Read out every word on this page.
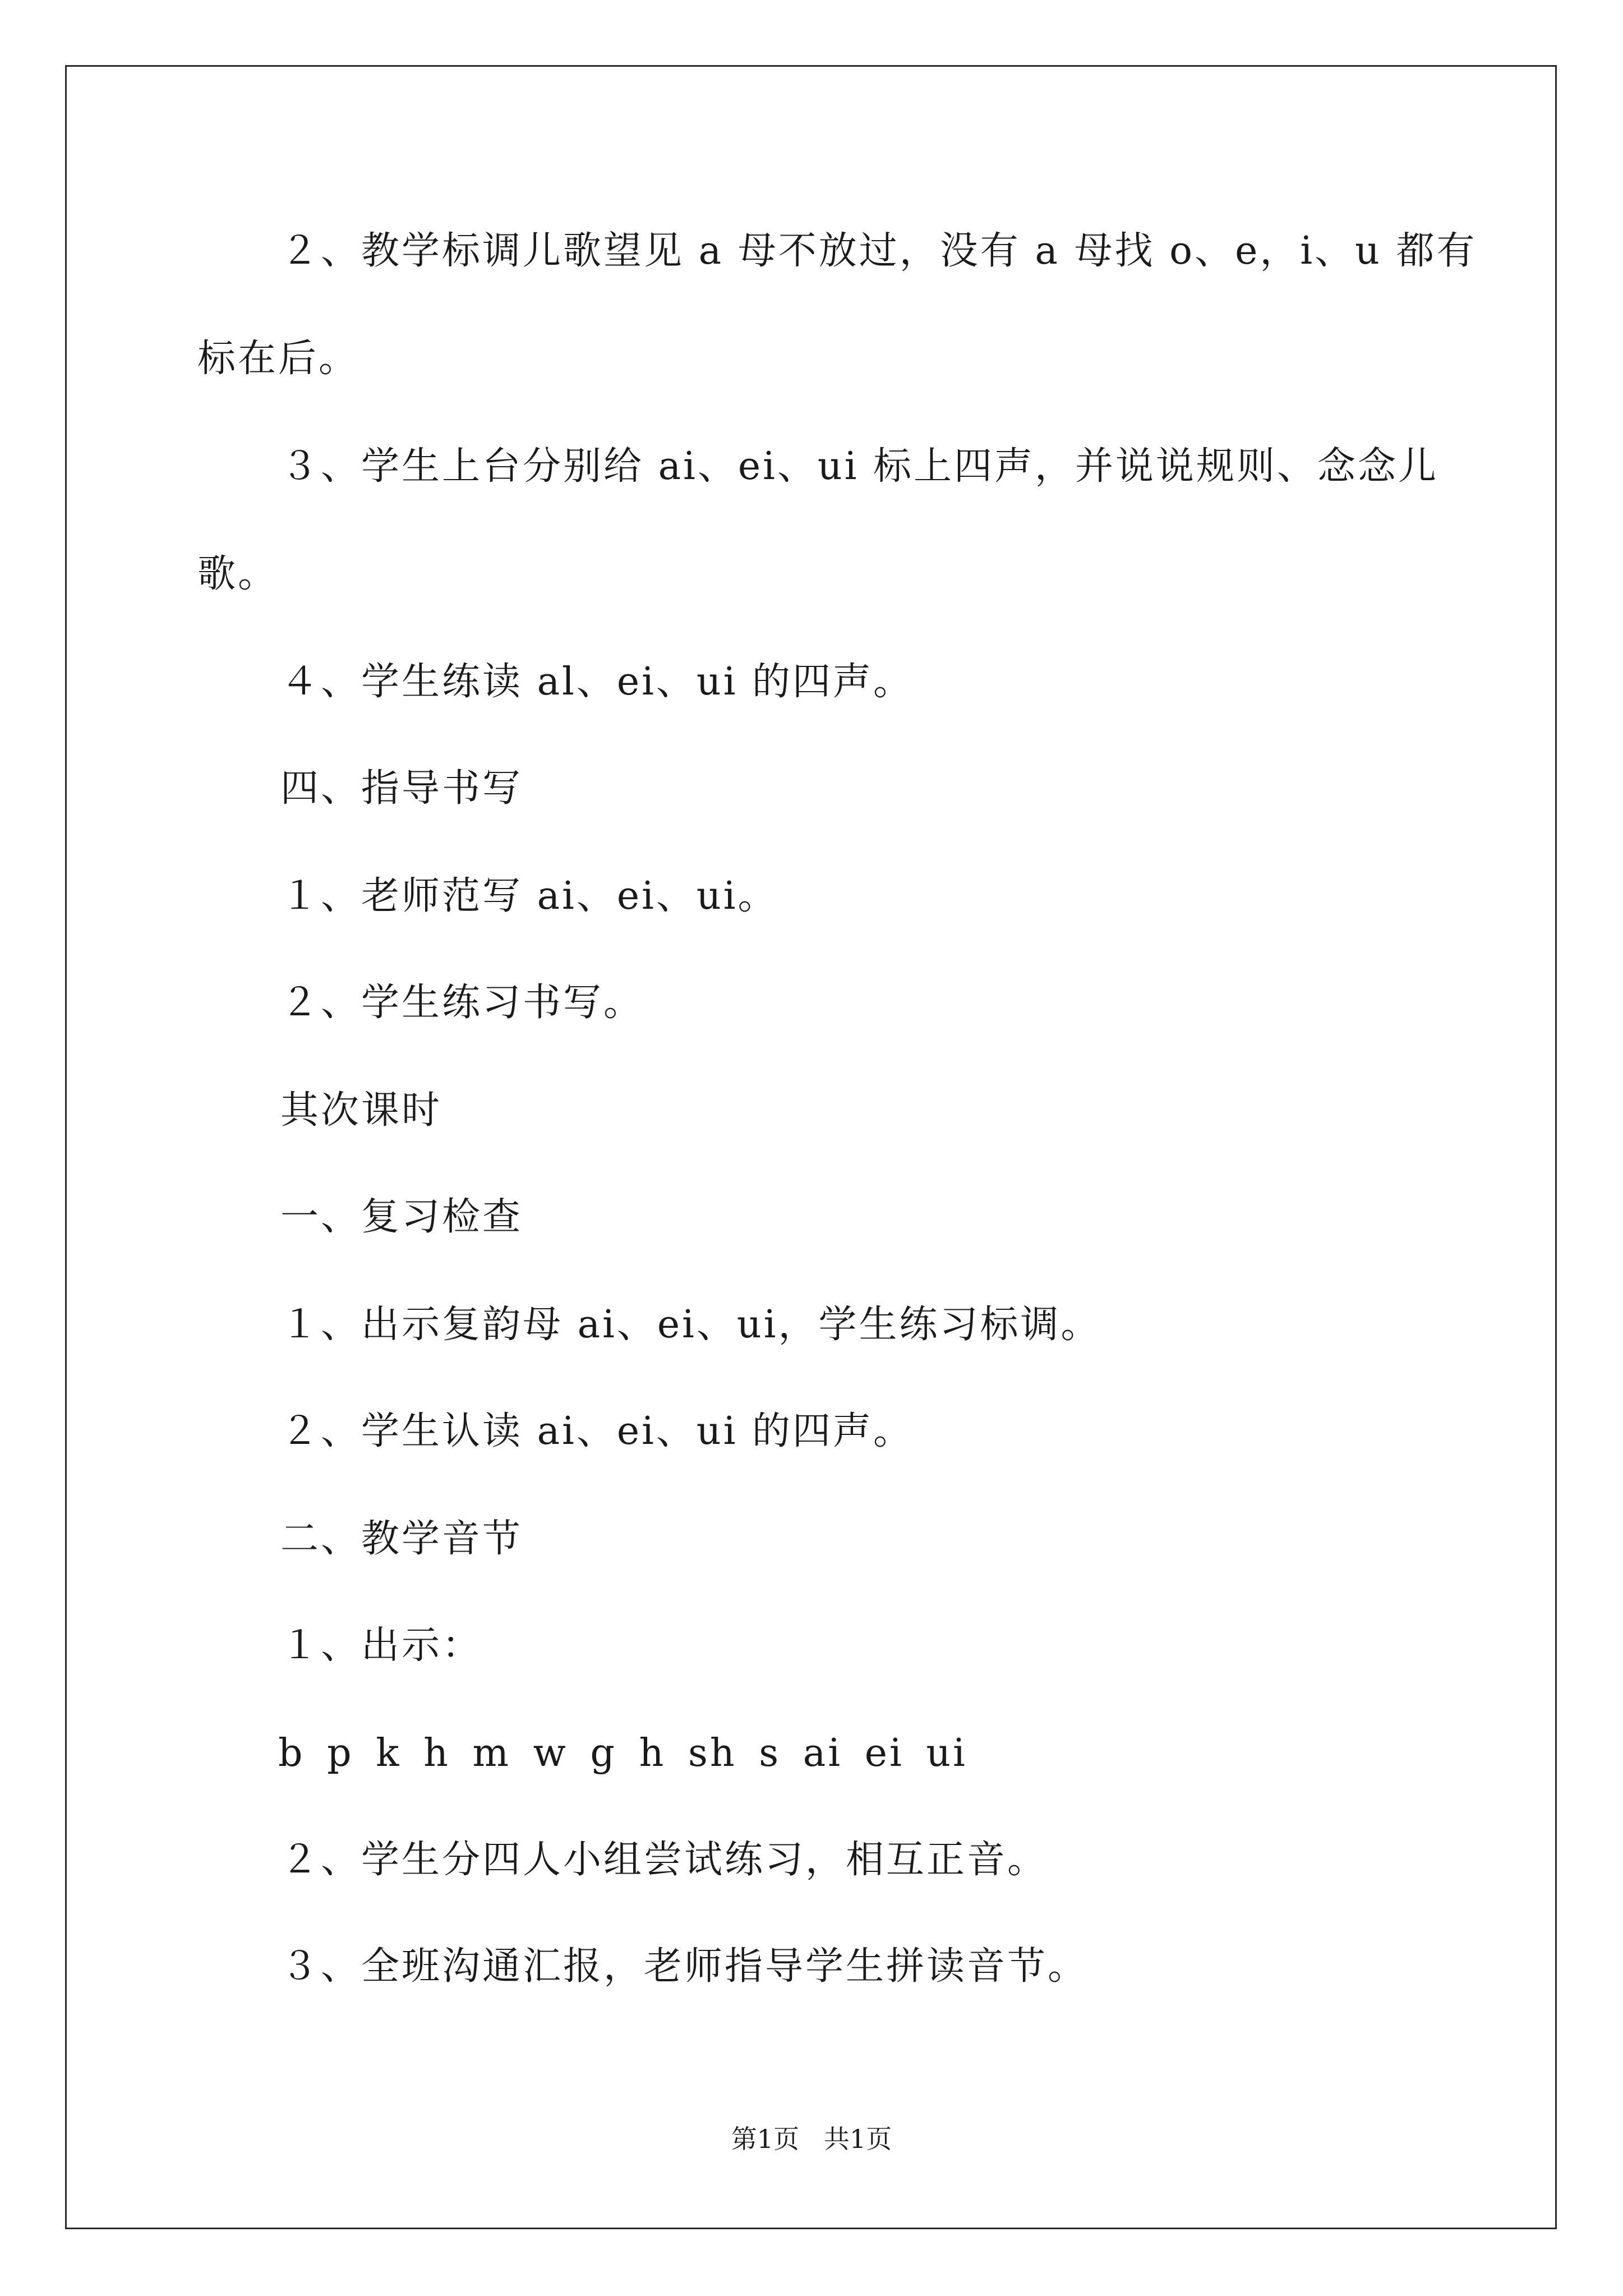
２、教学标调儿歌望见 a 母不放过，没有 a 母找 o、e，i、u 都有
标在后。
３、学生上台分别给 ai、ei、ui 标上四声，并说说规则、念念儿
歌。
４、学生练读 al、ei、ui 的四声。
四、指导书写
１、老师范写 ai、ei、ui。
２、学生练习书写。
其次课时
一、复习检查
１、出示复韵母 ai、ei、ui，学生练习标调。
２、学生认读 ai、ei、ui 的四声。
二、教学音节
１、出示：
b p k h m w g h sh s ai ei ui
２、学生分四人小组尝试练习，相互正音。
３、全班沟通汇报，老师指导学生拼读音节。
第1页   共1页
